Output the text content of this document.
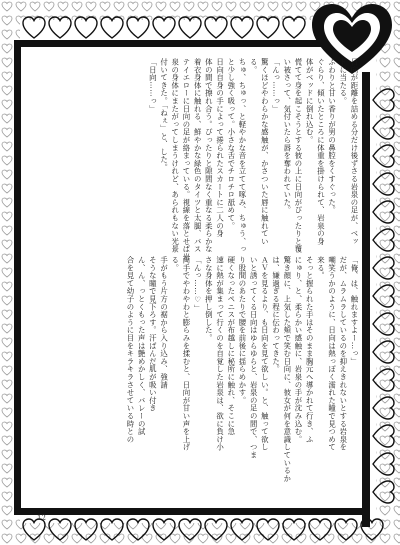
日向が距離を詰める分だけ後ずさる岩泉の足が、ベッ
ドに当たる。
ふわりと甘い香りが男の鼻腔をくすぐった。
ぐらり、傾いたところに体重を掛けられて、岩泉の身
体がベッドに倒れ込む。
慌てて身を起こそうとする彼の上に日向がぴったりと覆
い被さって、気付いたら唇を奪われていた。
「んっ……っ」
驚くほどやわらかな感触が、かさついた唇に触れてい
る。
ちゅ、ちゅっ、と軽やかな音を立てて啄み、ちゅう、っ
と少し強く吸って。小さな舌でチロチロ舐めて。
日向自身の手によって捲られたスカートに二人の身
体の間で擦れ合う。ぴったりと隙間なく重なる柔らかな
着衣身体に触れる、鮮やかな緑色のタイツと太腿、バス
テイエローに日向の足が絡まっている。視線を落とせば岩
泉の身体にまたがってしまうけれど、あられもない光景
付いてきた。「ねぇ」と、した。
「日向……っ」
「俺、は、触れますよー…っ」
だが、ムラムラしているのを抑えきれないとする岩泉を
嘲笑うかのように、日向は熱っぽく濡れた瞳で見つめて
来る。
そっと握られた手はそのまま胸元へ導かれて行き、ふ
にゅり、と、柔らかい感触に、岩泉の手が沈み込む。
驚き顔に、上気した頬で笑む日向に、彼女が何を意識しているか
は、嫌過ぎる程に伝わってきた。
ＡＶを見るより、も日向を見て欲しい。と、触って欲し
いと誘ってくる日向はゆらゆらと、岩泉の足の間で、つま
り股間のあたりで腰を前後に揺らめかす。
硬くなったペニスが布越しに秘所に触れ、そこに急
速に熱が集まって行くのを自覚した岩泉は、欲に負け小
さな身体を押し倒した。
「んっ……♡」
両手でやわやわと膨らみを揉むと、日向が甘い声を上げ
る。
手がもう片方の裾から入り込み、強請
そうな瞳で見下ろす。汗ばんだ肌が吸い付き
ん、ん、っとくもった声は艶めかしく、バレーの試
合を見て幼子のように目をキラキラさせている時との
12
